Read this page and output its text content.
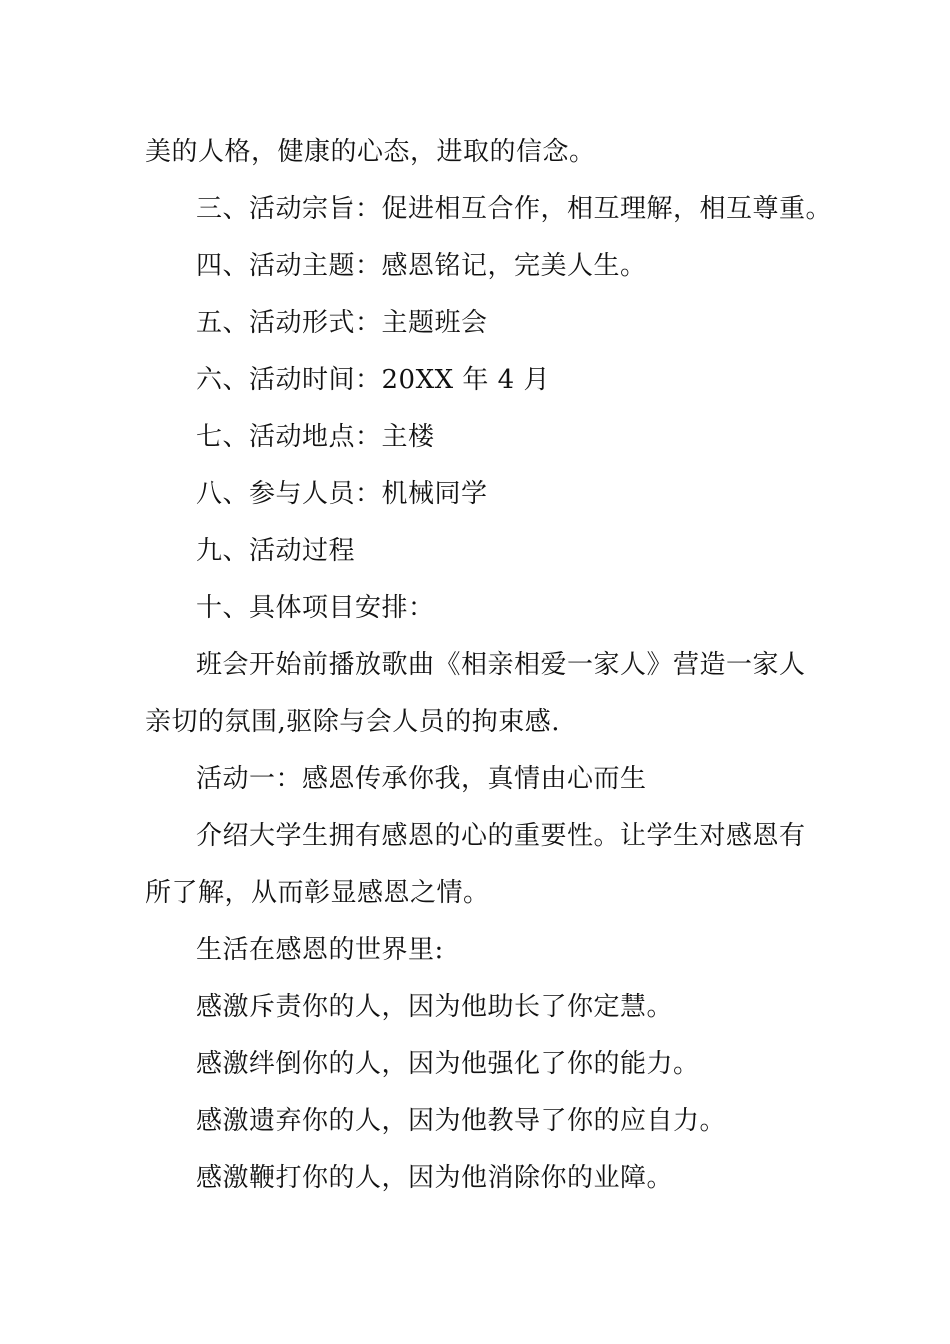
美的人格，健康的心态，进取的信念。
三、活动宗旨：促进相互合作，相互理解，相互尊重。
四、活动主题：感恩铭记，完美人生。
五、活动形式：主题班会
六、活动时间：20XX 年 4 月
七、活动地点：主楼
八、参与人员：机械同学
九、活动过程
十、具体项目安排：
班会开始前播放歌曲《相亲相爱一家人》营造一家人
亲切的氛围,驱除与会人员的拘束感.
活动一：感恩传承你我，真情由心而生
介绍大学生拥有感恩的心的重要性。让学生对感恩有
所了解，从而彰显感恩之情。
生活在感恩的世界里:
感激斥责你的人，因为他助长了你定慧。
感激绊倒你的人，因为他强化了你的能力。
感激遗弃你的人，因为他教导了你的应自力。
感激鞭打你的人，因为他消除你的业障。
